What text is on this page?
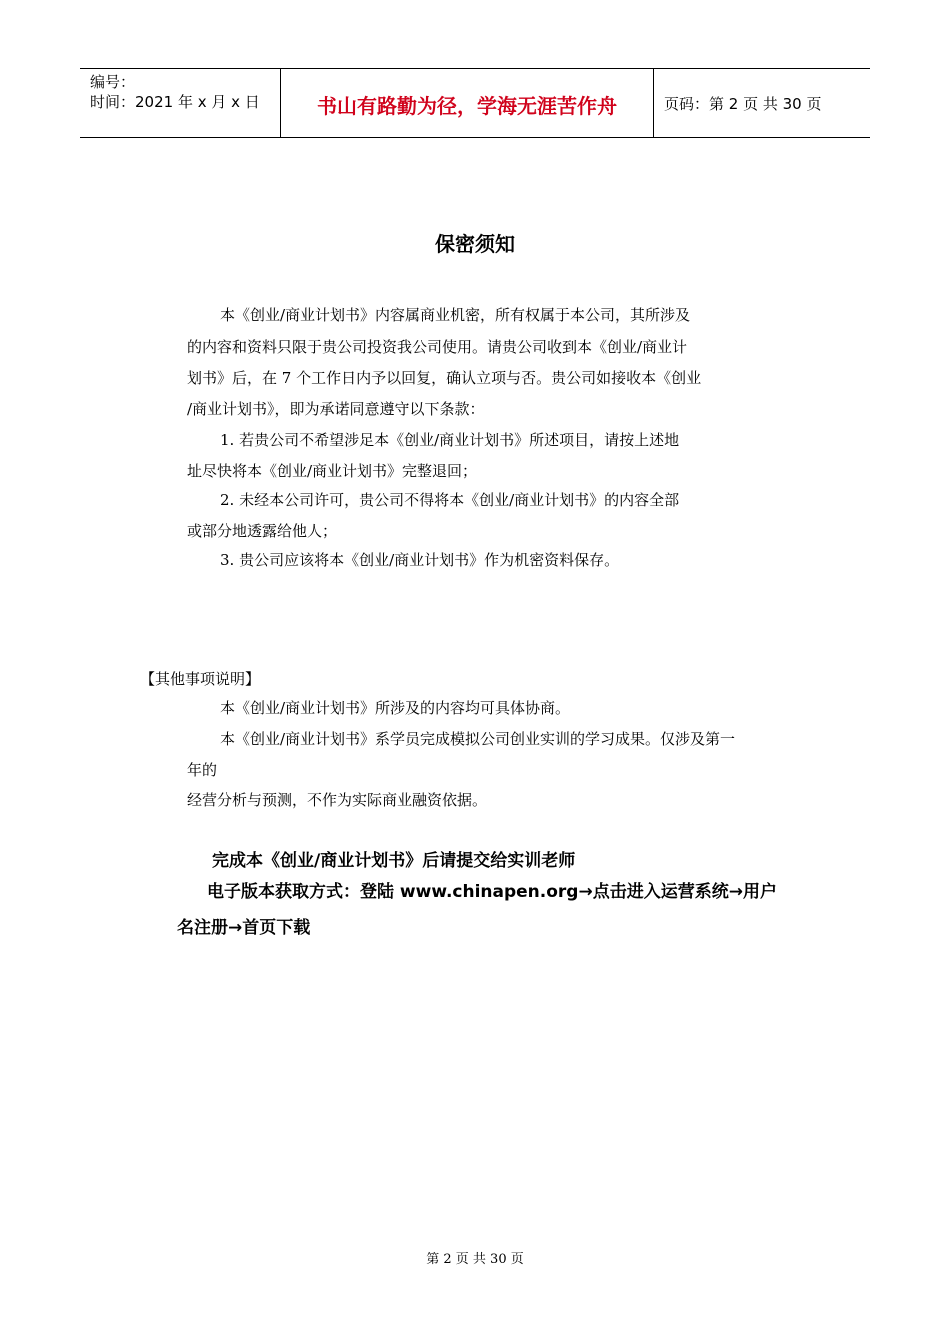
编号：
时间：2021 年 x 月 x 日	书山有路勤为径，学海无涯苦作舟	页码：第 2 页 共 30 页
保密须知
本《创业/商业计划书》内容属商业机密，所有权属于本公司，其所涉及
的内容和资料只限于贵公司投资我公司使用。请贵公司收到本《创业/商业计
划书》后，在 7 个工作日内予以回复，确认立项与否。贵公司如接收本《创业
/商业计划书》，即为承诺同意遵守以下条款：
1. 若贵公司不希望涉足本《创业/商业计划书》所述项目，请按上述地
址尽快将本《创业/商业计划书》完整退回；
2. 未经本公司许可，贵公司不得将本《创业/商业计划书》的内容全部
或部分地透露给他人；
3. 贵公司应该将本《创业/商业计划书》作为机密资料保存。
【其他事项说明】
本《创业/商业计划书》所涉及的内容均可具体协商。
本《创业/商业计划书》系学员完成模拟公司创业实训的学习成果。仅涉及第一
年的
经营分析与预测，不作为实际商业融资依据。
完成本《创业/商业计划书》后请提交给实训老师
电子版本获取方式：登陆 www.chinapen.org→点击进入运营系统→用户
名注册→首页下载
第 2 页 共 30 页
